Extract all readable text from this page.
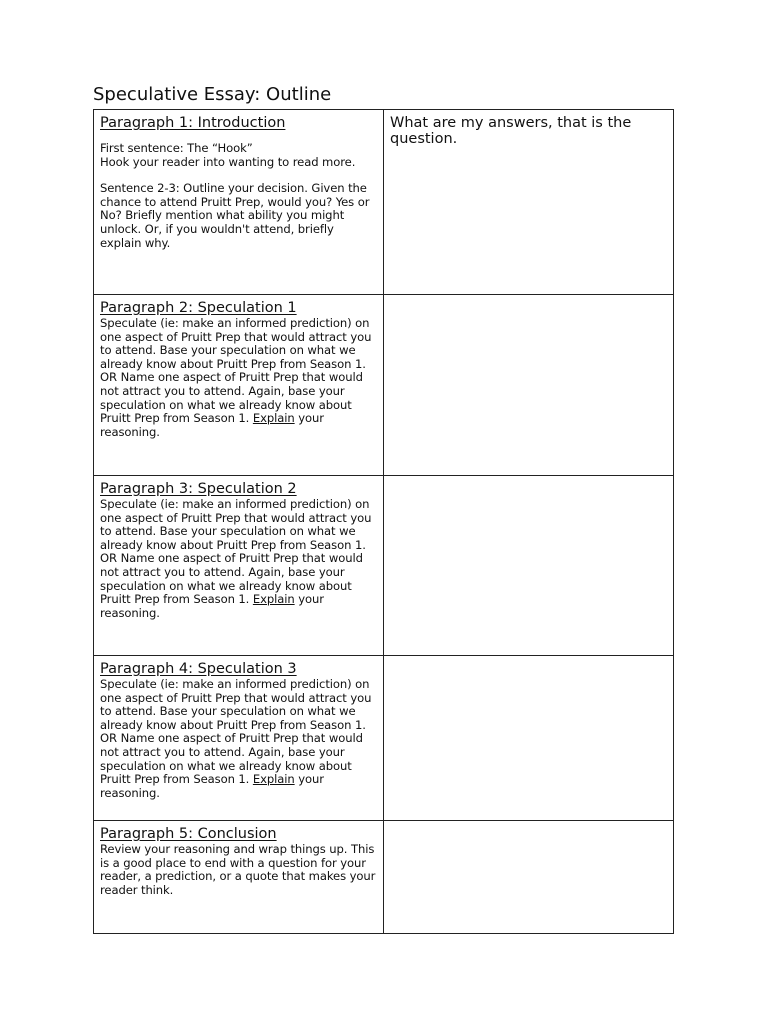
Speculative Essay: Outline
Paragraph 1: Introduction

First sentence: The “Hook”

Hook your reader into wanting to read more.

Sentence 2-3: Outline your decision. Given the chance to attend Pruitt Prep, would you? Yes or No? Briefly mention what ability you might unlock. Or, if you wouldn't attend, briefly explain why.	What are my answers, that is the question.

Paragraph 2: Speculation 1
Speculate (ie: make an informed prediction) on one aspect of Pruitt Prep that would attract you to attend. Base your speculation on what we already know about Pruitt Prep from Season 1. OR Name one aspect of Pruitt Prep that would not attract you to attend. Again, base your speculation on what we already know about Pruitt Prep from Season 1. Explain your reasoning.	

Paragraph 3: Speculation 2
Speculate (ie: make an informed prediction) on one aspect of Pruitt Prep that would attract you to attend. Base your speculation on what we already know about Pruitt Prep from Season 1. OR Name one aspect of Pruitt Prep that would not attract you to attend. Again, base your speculation on what we already know about Pruitt Prep from Season 1. Explain your reasoning.	

Paragraph 4: Speculation 3
Speculate (ie: make an informed prediction) on one aspect of Pruitt Prep that would attract you to attend. Base your speculation on what we already know about Pruitt Prep from Season 1. OR Name one aspect of Pruitt Prep that would not attract you to attend. Again, base your speculation on what we already know about Pruitt Prep from Season 1. Explain your reasoning.	

Paragraph 5: Conclusion
Review your reasoning and wrap things up. This is a good place to end with a question for your reader, a prediction, or a quote that makes your reader think.	
